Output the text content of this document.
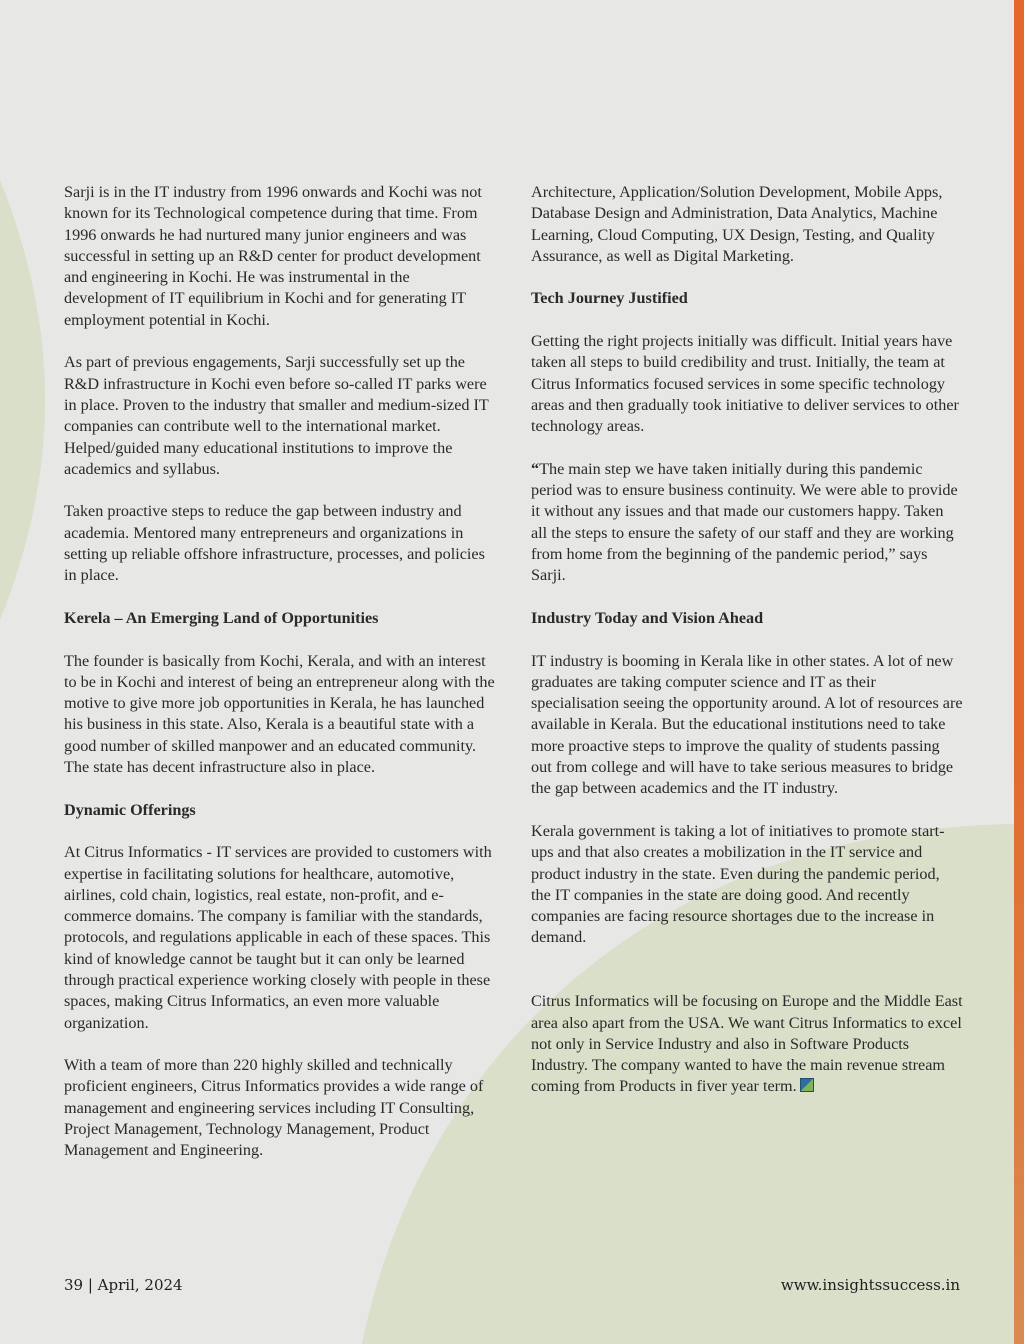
Sarji is in the IT industry from 1996 onwards and Kochi was not known for its Technological competence during that time. From 1996 onwards he had nurtured many junior engineers and was successful in setting up an R&D center for product development and engineering in Kochi. He was instrumental in the development of IT equilibrium in Kochi and for generating IT employment potential in Kochi.

As part of previous engagements, Sarji successfully set up the R&D infrastructure in Kochi even before so-called IT parks were in place. Proven to the industry that smaller and medium-sized IT companies can contribute well to the international market. Helped/guided many educational institutions to improve the academics and syllabus.

Taken proactive steps to reduce the gap between industry and academia. Mentored many entrepreneurs and organizations in setting up reliable offshore infrastructure, processes, and policies in place.

Kerela – An Emerging Land of Opportunities

The founder is basically from Kochi, Kerala, and with an interest to be in Kochi and interest of being an entrepreneur along with the motive to give more job opportunities in Kerala, he has launched his business in this state. Also, Kerala is a beautiful state with a good number of skilled manpower and an educated community. The state has decent infrastructure also in place.

Dynamic Offerings

At Citrus Informatics - IT services are provided to customers with expertise in facilitating solutions for healthcare, automotive, airlines, cold chain, logistics, real estate, non-profit, and e-commerce domains. The company is familiar with the standards, protocols, and regulations applicable in each of these spaces. This kind of knowledge cannot be taught but it can only be learned through practical experience working closely with people in these spaces, making Citrus Informatics, an even more valuable organization.

With a team of more than 220 highly skilled and technically proficient engineers, Citrus Informatics provides a wide range of management and engineering services including IT Consulting, Project Management, Technology Management, Product Management and Engineering.

Architecture, Application/Solution Development, Mobile Apps, Database Design and Administration, Data Analytics, Machine Learning, Cloud Computing, UX Design, Testing, and Quality Assurance, as well as Digital Marketing.

Tech Journey Justified

Getting the right projects initially was difficult. Initial years have taken all steps to build credibility and trust. Initially, the team at Citrus Informatics focused services in some specific technology areas and then gradually took initiative to deliver services to other technology areas.

“The main step we have taken initially during this pandemic period was to ensure business continuity. We were able to provide it without any issues and that made our customers happy. Taken all the steps to ensure the safety of our staff and they are working from home from the beginning of the pandemic period,” says Sarji.

Industry Today and Vision Ahead

IT industry is booming in Kerala like in other states. A lot of new graduates are taking computer science and IT as their specialisation seeing the opportunity around. A lot of resources are available in Kerala. But the educational institutions need to take more proactive steps to improve the quality of students passing out from college and will have to take serious measures to bridge the gap between academics and the IT industry.

Kerala government is taking a lot of initiatives to promote start-ups and that also creates a mobilization in the IT service and product industry in the state. Even during the pandemic period, the IT companies in the state are doing good. And recently companies are facing resource shortages due to the increase in demand.

Citrus Informatics will be focusing on Europe and the Middle East area also apart from the USA. We want Citrus Informatics to excel not only in Service Industry and also in Software Products Industry. The company wanted to have the main revenue stream coming from Products in fiver year term.

39 | April, 2024	www.insightssuccess.in
